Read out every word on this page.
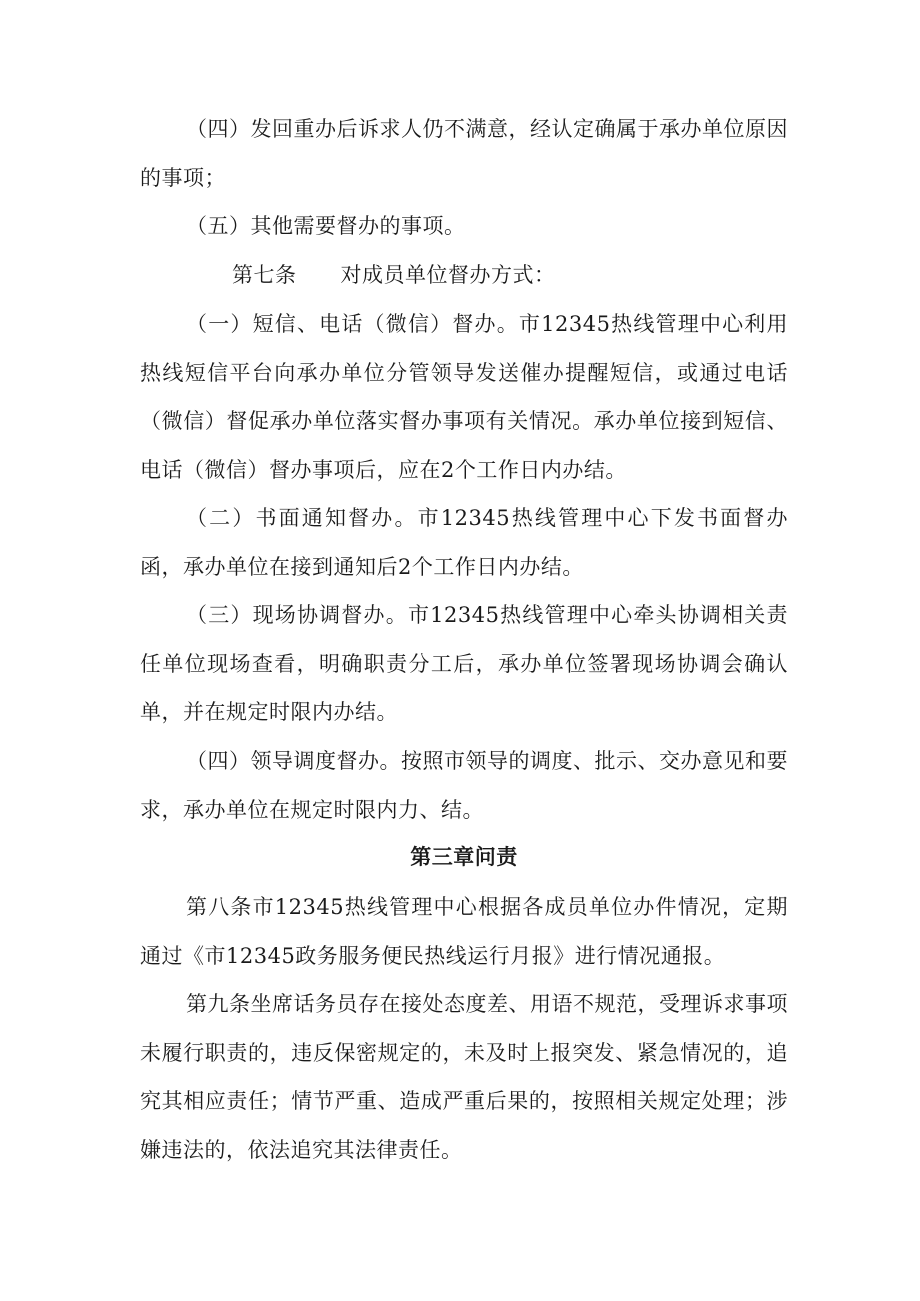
（四）发回重办后诉求人仍不满意，经认定确属于承办单位原因的事项；

（五）其他需要督办的事项。

第七条 对成员单位督办方式：

（一）短信、电话（微信）督办。市12345热线管理中心利用热线短信平台向承办单位分管领导发送催办提醒短信，或通过电话（微信）督促承办单位落实督办事项有关情况。承办单位接到短信、电话（微信）督办事项后，应在2个工作日内办结。

（二）书面通知督办。市12345热线管理中心下发书面督办函，承办单位在接到通知后2个工作日内办结。

（三）现场协调督办。市12345热线管理中心牵头协调相关责任单位现场查看，明确职责分工后，承办单位签署现场协调会确认单，并在规定时限内办结。

（四）领导调度督办。按照市领导的调度、批示、交办意见和要求，承办单位在规定时限内力、结。

第三章问责

第八条市12345热线管理中心根据各成员单位办件情况，定期通过《市12345政务服务便民热线运行月报》进行情况通报。

第九条坐席话务员存在接处态度差、用语不规范，受理诉求事项未履行职责的，违反保密规定的，未及时上报突发、紧急情况的，追究其相应责任；情节严重、造成严重后果的，按照相关规定处理；涉嫌违法的，依法追究其法律责任。
